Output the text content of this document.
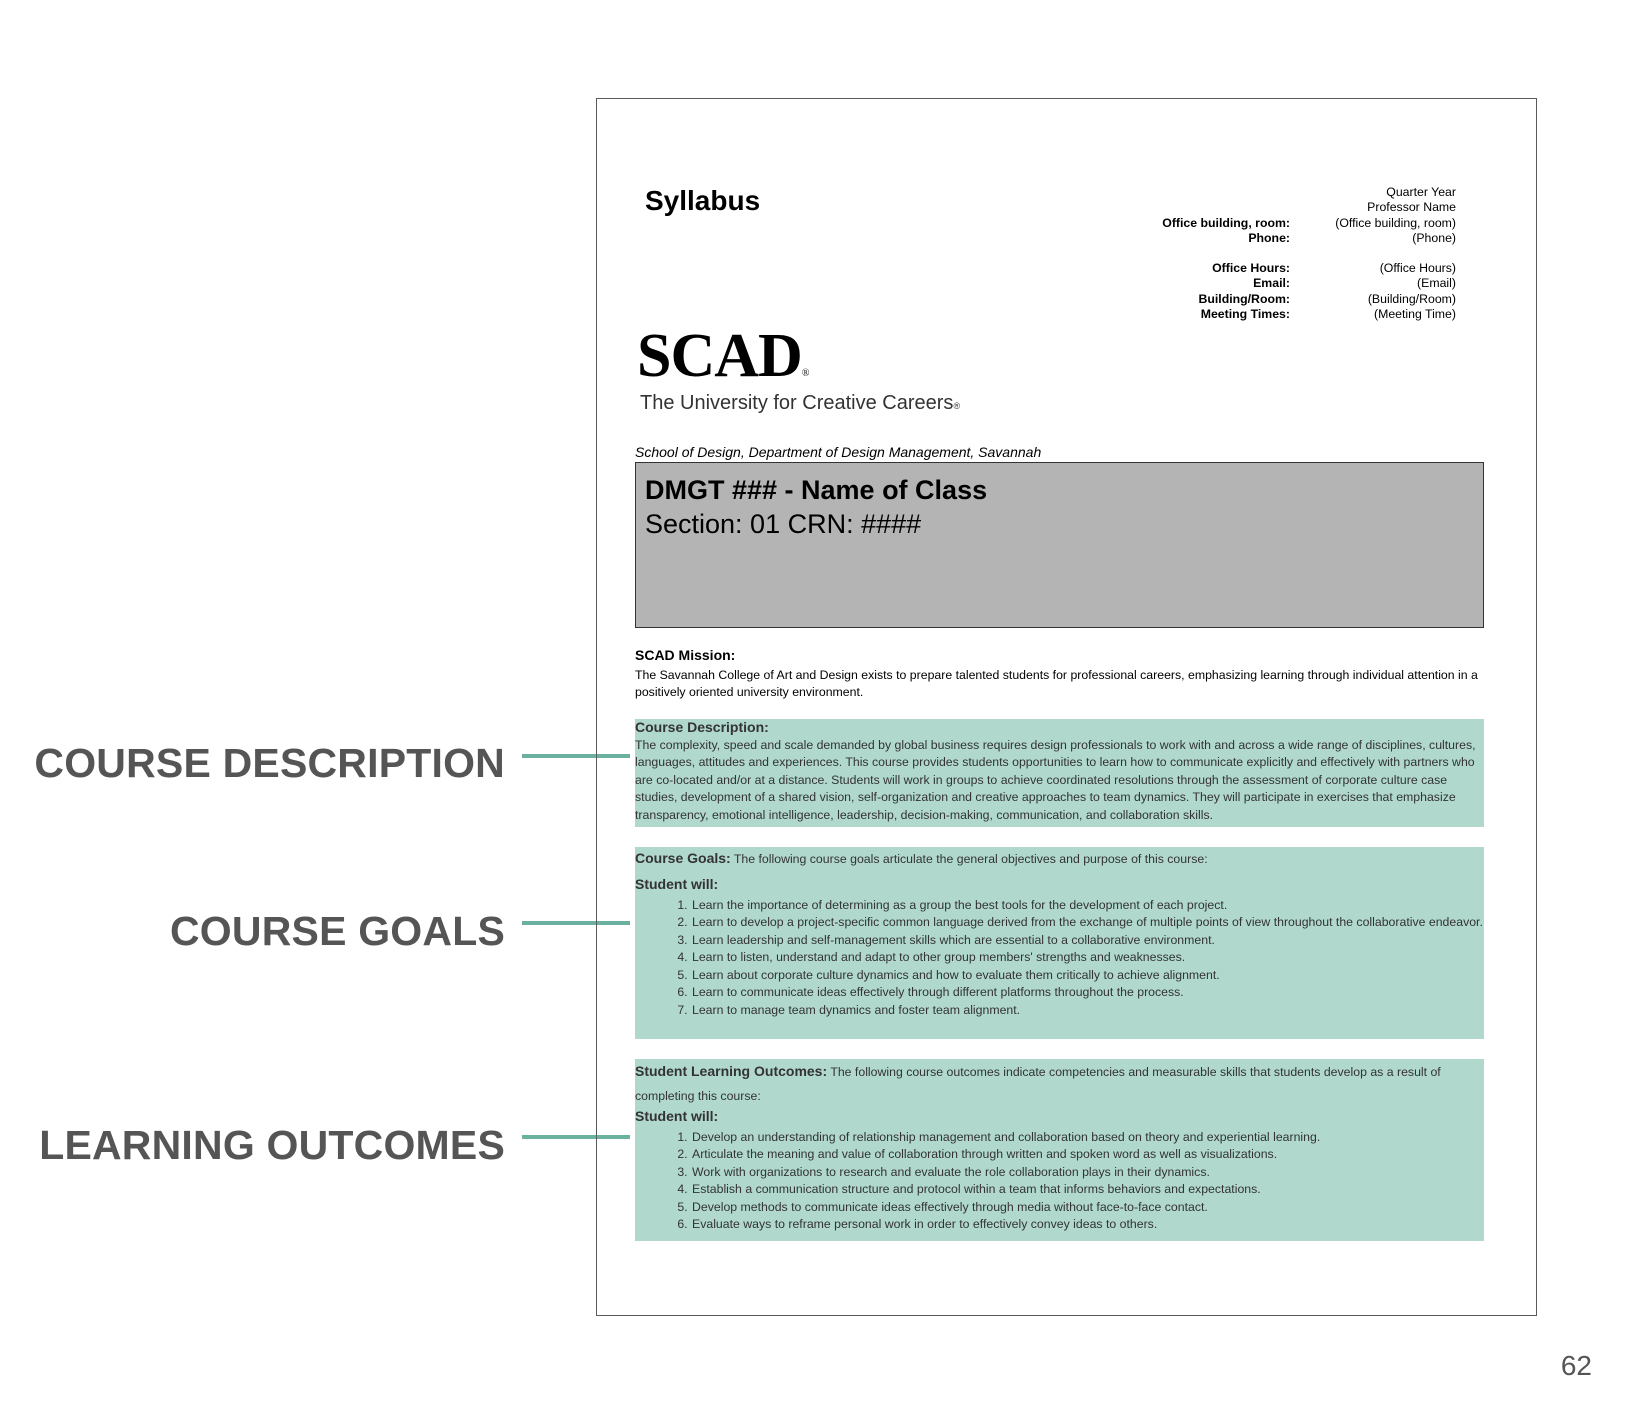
COURSE DESCRIPTION
COURSE GOALS
LEARNING OUTCOMES
62
Syllabus	Quarter Year
Professor Name
Office building, room:	(Office building, room)
Phone:	(Phone)
Office Hours:	(Office Hours)
Email:	(Email)
Building/Room:	(Building/Room)
Meeting Times:	(Meeting Time)
SCAD®
The University for Creative Careers®
School of Design, Department of Design Management, Savannah
DMGT ### - Name of Class
Section: 01 CRN: ####
SCAD Mission:
The Savannah College of Art and Design exists to prepare talented students for professional careers, emphasizing learning through individual attention in a positively oriented university environment.
Course Description:
The complexity, speed and scale demanded by global business requires design professionals to work with and across a wide range of disciplines, cultures, languages, attitudes and experiences. This course provides students opportunities to learn how to communicate explicitly and effectively with partners who are co-located and/or at a distance. Students will work in groups to achieve coordinated resolutions through the assessment of corporate culture case studies, development of a shared vision, self-organization and creative approaches to team dynamics. They will participate in exercises that emphasize transparency, emotional intelligence, leadership, decision-making, communication, and collaboration skills.
Course Goals: The following course goals articulate the general objectives and purpose of this course:
Student will:
1. Learn the importance of determining as a group the best tools for the development of each project.
2. Learn to develop a project-specific common language derived from the exchange of multiple points of view throughout the collaborative endeavor.
3. Learn leadership and self-management skills which are essential to a collaborative environment.
4. Learn to listen, understand and adapt to other group members' strengths and weaknesses.
5. Learn about corporate culture dynamics and how to evaluate them critically to achieve alignment.
6. Learn to communicate ideas effectively through different platforms throughout the process.
7. Learn to manage team dynamics and foster team alignment.
Student Learning Outcomes: The following course outcomes indicate competencies and measurable skills that students develop as a result of completing this course:
Student will:
1. Develop an understanding of relationship management and collaboration based on theory and experiential learning.
2. Articulate the meaning and value of collaboration through written and spoken word as well as visualizations.
3. Work with organizations to research and evaluate the role collaboration plays in their dynamics.
4. Establish a communication structure and protocol within a team that informs behaviors and expectations.
5. Develop methods to communicate ideas effectively through media without face-to-face contact.
6. Evaluate ways to reframe personal work in order to effectively convey ideas to others.
